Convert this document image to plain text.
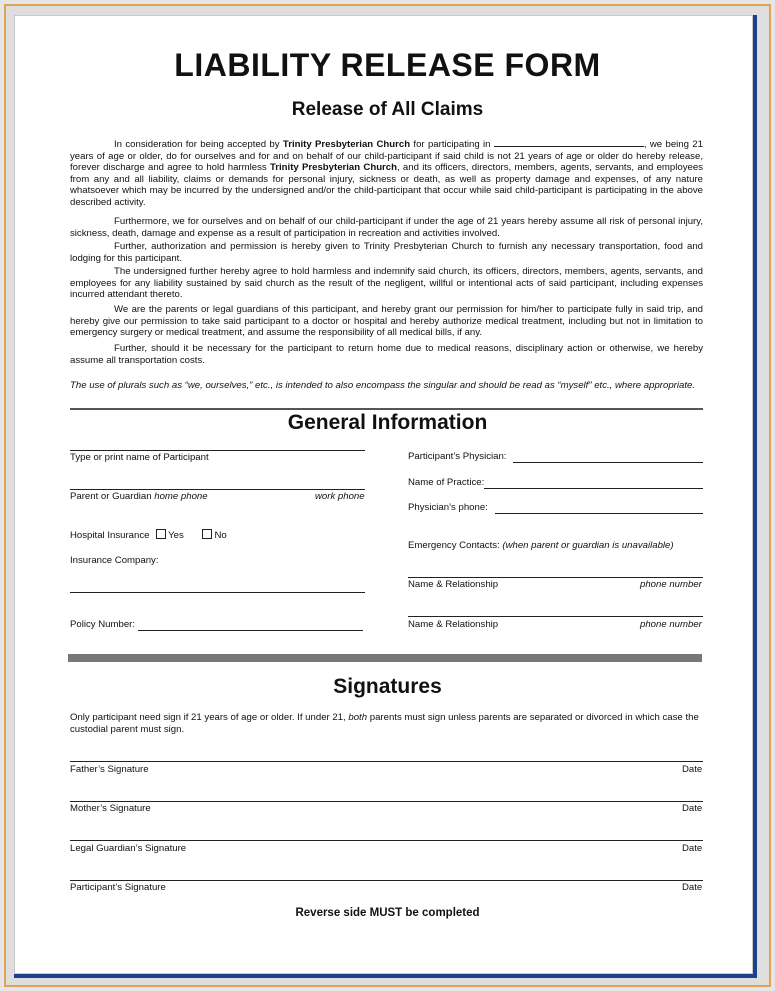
LIABILITY RELEASE FORM
Release of All Claims
In consideration for being accepted by Trinity Presbyterian Church for participating in	, we being 21 years of age or older, do for ourselves and for and on behalf of our child-participant if said child is not 21 years of age or older do hereby release, forever discharge and agree to hold harmless Trinity Presbyterian Church, and its officers, directors, members, agents, servants, and employees from any and all liability, claims or demands for personal injury, sickness or death, as well as property damage and expenses, of any nature whatsoever which may be incurred by the undersigned and/or the child-participant that occur while said child-participant is participating in the above described activity.
Furthermore, we for ourselves and on behalf of our child-participant if under the age of 21 years hereby assume all risk of personal injury, sickness, death, damage and expense as a result of participation in recreation and activities involved.
Further, authorization and permission is hereby given to Trinity Presbyterian Church to furnish any necessary transportation, food and lodging for this participant.
The undersigned further hereby agree to hold harmless and indemnify said church, its officers, directors, members, agents, servants, and employees for any liability sustained by said church as the result of the negligent, willful or intentional acts of said participant, including expenses incurred attendant thereto.
We are the parents or legal guardians of this participant, and hereby grant our permission for him/her to participate fully in said trip, and hereby give our permission to take said participant to a doctor or hospital and hereby authorize medical treatment, including but not in limitation to emergency surgery or medical treatment, and assume the responsibility of all medical bills, if any.
Further, should it be necessary for the participant to return home due to medical reasons, disciplinary action or otherwise, we hereby assume all transportation costs.
The use of plurals such as “we, ourselves,” etc., is intended to also encompass the singular and should be read as “myself” etc., where appropriate.
General Information
Type or print name of Participant
Parent or Guardian home phone	work phone
Hospital Insurance Yes	No
Insurance Company:
Policy Number:
Participant’s Physician:
Name of Practice:
Physician’s phone:
Emergency Contacts: (when parent or guardian is unavailable)
Name & Relationship	phone number
Name & Relationship	phone number
Signatures
Only participant need sign if 21 years of age or older. If under 21, both parents must sign unless parents are separated or divorced in which case the custodial parent must sign.
Father’s Signature	Date
Mother’s Signature	Date
Legal Guardian’s Signature	Date
Participant’s Signature	Date
Reverse side MUST be completed
